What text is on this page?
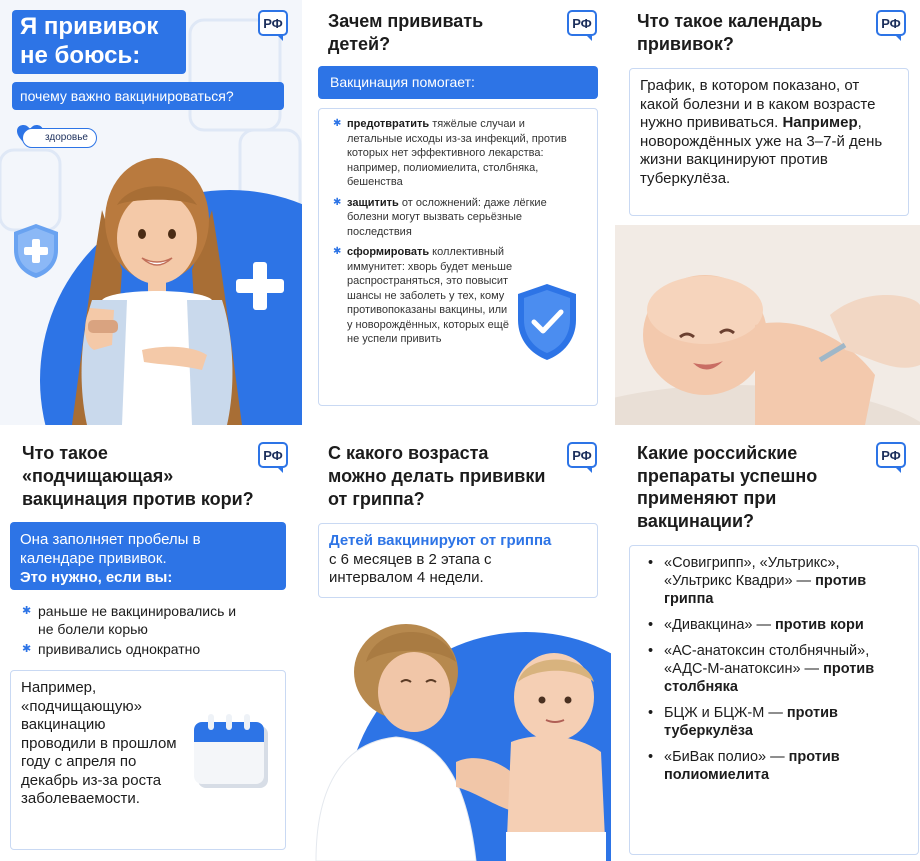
Я прививок не боюсь:
почему важно вакцинироваться?
здоровье
РФ	Зачем прививать детей?
РФ
Вакцинация помогает:
✱ предотвратить тяжёлые случаи и летальные исходы из-за инфекций, против которых нет эффективного лекарства: например, полиомиелита, столбняка, бешенства
✱ защитить от осложнений: даже лёгкие болезни могут вызвать серьёзные последствия
✱ сформировать коллективный иммунитет: хворь будет меньше распространяться, это повысит шансы не заболеть у тех, кому противопоказаны вакцины, или у новорождённых, которых ещё не успели привить
Что такое календарь прививок?
РФ
График, в котором показано, от какой болезни и в каком возрасте нужно прививаться. Например, новорождённых уже на 3–7-й день жизни вакцинируют против туберкулёза.
Что такое «подчищающая» вакцинация против кори?
РФ
Она заполняет пробелы в календаре прививок.
Это нужно, если вы:
✱ раньше не вакцинировались и не болели корью
✱ прививались однократно
Например, «подчищающую» вакцинацию проводили в прошлом году с апреля по декабрь из-за роста заболеваемости.
С какого возраста можно делать прививки от гриппа?
РФ
Детей вакцинируют от гриппа
с 6 месяцев в 2 этапа с интервалом 4 недели.
Какие российские препараты успешно применяют при вакцинации?
РФ
• «Совигрипп», «Ультрикс», «Ультрикс Квадри» — против гриппа
• «Дивакцина» — против кори
• «АС-анатоксин столбнячный», «АДС-М-анатоксин» — против столбняка
• БЦЖ и БЦЖ-М — против туберкулёза
• «БиВак полио» — против полиомиелита
